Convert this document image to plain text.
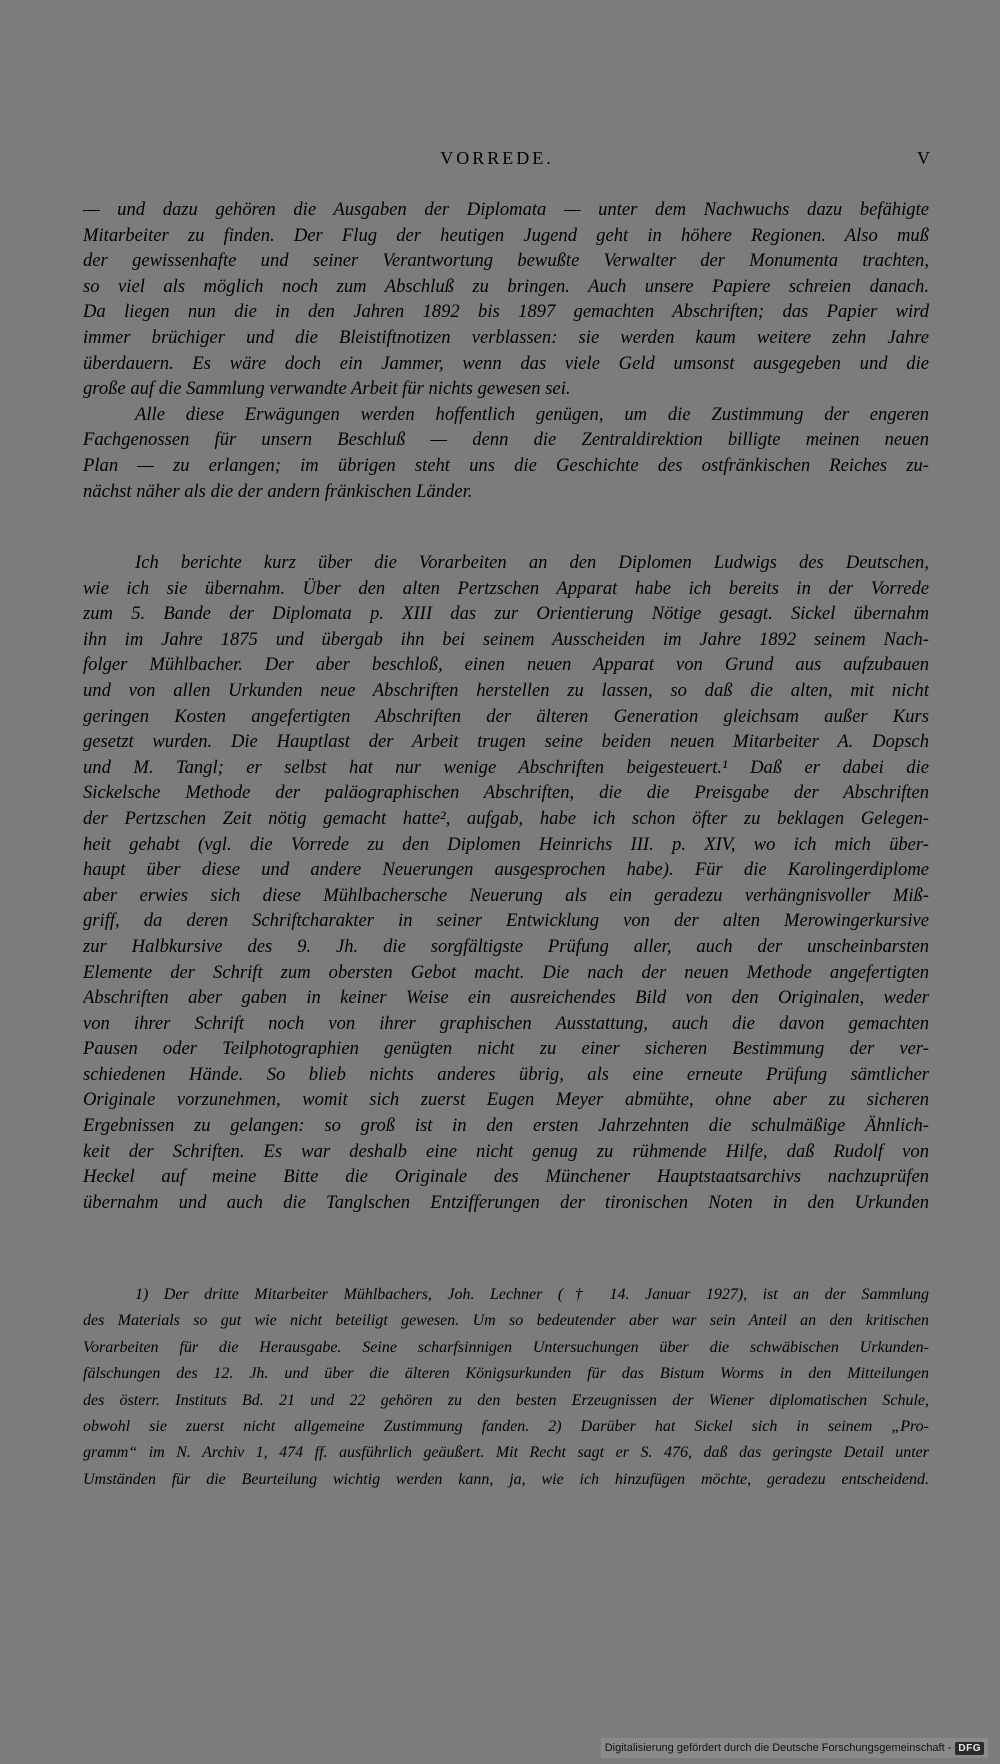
VORREDE.	V
— und dazu gehören die Ausgaben der Diplomata — unter dem Nachwuchs dazu befähigte
Mitarbeiter zu finden. Der Flug der heutigen Jugend geht in höhere Regionen. Also muß
der gewissenhafte und seiner Verantwortung bewußte Verwalter der Monumenta trachten,
so viel als möglich noch zum Abschluß zu bringen. Auch unsere Papiere schreien danach.
Da liegen nun die in den Jahren 1892 bis 1897 gemachten Abschriften; das Papier wird
immer brüchiger und die Bleistiftnotizen verblassen: sie werden kaum weitere zehn Jahre
überdauern. Es wäre doch ein Jammer, wenn das viele Geld umsonst ausgegeben und die
große auf die Sammlung verwandte Arbeit für nichts gewesen sei.
Alle diese Erwägungen werden hoffentlich genügen, um die Zustimmung der engeren
Fachgenossen für unsern Beschluß — denn die Zentraldirektion billigte meinen neuen
Plan — zu erlangen; im übrigen steht uns die Geschichte des ostfränkischen Reiches zu-
nächst näher als die der andern fränkischen Länder.
Ich berichte kurz über die Vorarbeiten an den Diplomen Ludwigs des Deutschen,
wie ich sie übernahm. Über den alten Pertzschen Apparat habe ich bereits in der Vorrede
zum 5. Bande der Diplomata p. XIII das zur Orientierung Nötige gesagt. Sickel übernahm
ihn im Jahre 1875 und übergab ihn bei seinem Ausscheiden im Jahre 1892 seinem Nach-
folger Mühlbacher. Der aber beschloß, einen neuen Apparat von Grund aus aufzubauen
und von allen Urkunden neue Abschriften herstellen zu lassen, so daß die alten, mit nicht
geringen Kosten angefertigten Abschriften der älteren Generation gleichsam außer Kurs
gesetzt wurden. Die Hauptlast der Arbeit trugen seine beiden neuen Mitarbeiter A. Dopsch
und M. Tangl; er selbst hat nur wenige Abschriften beigesteuert.¹ Daß er dabei die
Sickelsche Methode der paläographischen Abschriften, die die Preisgabe der Abschriften
der Pertzschen Zeit nötig gemacht hatte², aufgab, habe ich schon öfter zu beklagen Gelegen-
heit gehabt (vgl. die Vorrede zu den Diplomen Heinrichs III. p. XIV, wo ich mich über-
haupt über diese und andere Neuerungen ausgesprochen habe). Für die Karolingerdiplome
aber erwies sich diese Mühlbachersche Neuerung als ein geradezu verhängnisvoller Miß-
griff, da deren Schriftcharakter in seiner Entwicklung von der alten Merowingerkursive
zur Halbkursive des 9. Jh. die sorgfältigste Prüfung aller, auch der unscheinbarsten
Elemente der Schrift zum obersten Gebot macht. Die nach der neuen Methode angefertigten
Abschriften aber gaben in keiner Weise ein ausreichendes Bild von den Originalen, weder
von ihrer Schrift noch von ihrer graphischen Ausstattung, auch die davon gemachten
Pausen oder Teilphotographien genügten nicht zu einer sicheren Bestimmung der ver-
schiedenen Hände. So blieb nichts anderes übrig, als eine erneute Prüfung sämtlicher
Originale vorzunehmen, womit sich zuerst Eugen Meyer abmühte, ohne aber zu sicheren
Ergebnissen zu gelangen: so groß ist in den ersten Jahrzehnten die schulmäßige Ähnlich-
keit der Schriften. Es war deshalb eine nicht genug zu rühmende Hilfe, daß Rudolf von
Heckel auf meine Bitte die Originale des Münchener Hauptstaatsarchivs nachzuprüfen
übernahm und auch die Tanglschen Entzifferungen der tironischen Noten in den Urkunden
1) Der dritte Mitarbeiter Mühlbachers, Joh. Lechner († 14. Januar 1927), ist an der Sammlung
des Materials so gut wie nicht beteiligt gewesen. Um so bedeutender aber war sein Anteil an den kritischen
Vorarbeiten für die Herausgabe. Seine scharfsinnigen Untersuchungen über die schwäbischen Urkunden-
fälschungen des 12. Jh. und über die älteren Königsurkunden für das Bistum Worms in den Mitteilungen
des österr. Instituts Bd. 21 und 22 gehören zu den besten Erzeugnissen der Wiener diplomatischen Schule,
obwohl sie zuerst nicht allgemeine Zustimmung fanden. 2) Darüber hat Sickel sich in seinem „Pro-
gramm“ im N. Archiv 1, 474 ff. ausführlich geäußert. Mit Recht sagt er S. 476, daß das geringste Detail unter
Umständen für die Beurteilung wichtig werden kann, ja, wie ich hinzufügen möchte, geradezu entscheidend.
Digitalisierung gefördert durch die Deutsche Forschungsgemeinschaft - DFG
